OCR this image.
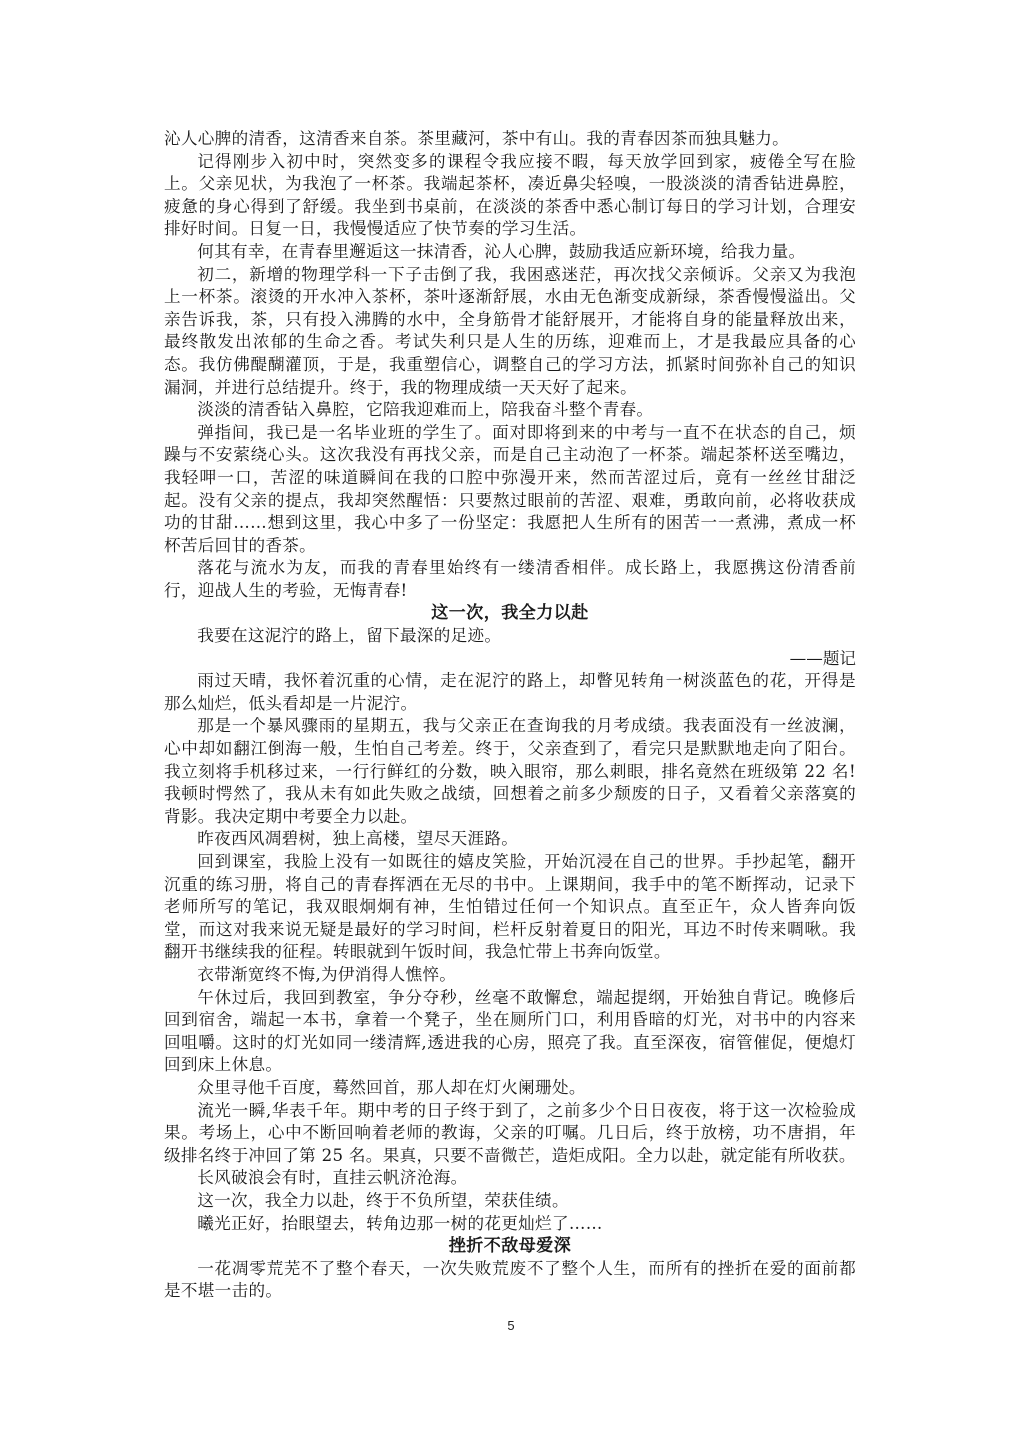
沁人心脾的清香，这清香来自茶。茶里藏河，茶中有山。我的青春因茶而独具魅力。

记得刚步入初中时，突然变多的课程令我应接不暇，每天放学回到家，疲倦全写在脸上。父亲见状，为我泡了一杯茶。我端起茶杯，凑近鼻尖轻嗅，一股淡淡的清香钻进鼻腔，疲惫的身心得到了舒缓。我坐到书桌前，在淡淡的茶香中悉心制订每日的学习计划，合理安排好时间。日复一日，我慢慢适应了快节奏的学习生活。

何其有幸，在青春里邂逅这一抹清香，沁人心脾，鼓励我适应新环境，给我力量。

初二，新增的物理学科一下子击倒了我，我困惑迷茫，再次找父亲倾诉。父亲又为我泡上一杯茶。滚烫的开水冲入茶杯，茶叶逐渐舒展，水由无色渐变成新绿，茶香慢慢溢出。父亲告诉我，茶，只有投入沸腾的水中，全身筋骨才能舒展开，才能将自身的能量释放出来，最终散发出浓郁的生命之香。考试失利只是人生的历练，迎难而上，才是我最应具备的心态。我仿佛醍醐灌顶，于是，我重塑信心，调整自己的学习方法，抓紧时间弥补自己的知识漏洞，并进行总结提升。终于，我的物理成绩一天天好了起来。

淡淡的清香钻入鼻腔，它陪我迎难而上，陪我奋斗整个青春。

弹指间，我已是一名毕业班的学生了。面对即将到来的中考与一直不在状态的自己，烦躁与不安萦绕心头。这次我没有再找父亲，而是自己主动泡了一杯茶。端起茶杯送至嘴边，我轻呷一口，苦涩的味道瞬间在我的口腔中弥漫开来，然而苦涩过后，竟有一丝丝甘甜泛起。没有父亲的提点，我却突然醒悟：只要熬过眼前的苦涩、艰难，勇敢向前，必将收获成功的甘甜……想到这里，我心中多了一份坚定：我愿把人生所有的困苦一一煮沸，煮成一杯杯苦后回甘的香茶。

落花与流水为友，而我的青春里始终有一缕清香相伴。成长路上，我愿携这份清香前行，迎战人生的考验，无悔青春!

这一次，我全力以赴

我要在这泥泞的路上，留下最深的足迹。

——题记

雨过天晴，我怀着沉重的心情，走在泥泞的路上，却瞥见转角一树淡蓝色的花，开得是那么灿烂，低头看却是一片泥泞。

那是一个暴风骤雨的星期五，我与父亲正在查询我的月考成绩。我表面没有一丝波澜，心中却如翻江倒海一般，生怕自己考差。终于，父亲查到了，看完只是默默地走向了阳台。我立刻将手机移过来，一行行鲜红的分数，映入眼帘，那么刺眼，排名竟然在班级第 22 名!我顿时愕然了，我从未有如此失败之战绩，回想着之前多少颓废的日子，又看着父亲落寞的背影。我决定期中考要全力以赴。

昨夜西风凋碧树，独上高楼，望尽天涯路。

回到课室，我脸上没有一如既往的嬉皮笑脸，开始沉浸在自己的世界。手抄起笔，翻开沉重的练习册，将自己的青春挥洒在无尽的书中。上课期间，我手中的笔不断挥动，记录下老师所写的笔记，我双眼炯炯有神，生怕错过任何一个知识点。直至正午，众人皆奔向饭堂，而这对我来说无疑是最好的学习时间，栏杆反射着夏日的阳光，耳边不时传来啁啾。我翻开书继续我的征程。转眼就到午饭时间，我急忙带上书奔向饭堂。

衣带渐宽终不悔,为伊消得人憔悴。

午休过后，我回到教室，争分夺秒，丝毫不敢懈怠，端起提纲，开始独自背记。晚修后回到宿舍，端起一本书，拿着一个凳子，坐在厕所门口，利用昏暗的灯光，对书中的内容来回咀嚼。这时的灯光如同一缕清辉,透进我的心房，照亮了我。直至深夜，宿管催促，便熄灯回到床上休息。

众里寻他千百度，蓦然回首，那人却在灯火阑珊处。

流光一瞬,华表千年。期中考的日子终于到了，之前多少个日日夜夜，将于这一次检验成果。考场上，心中不断回响着老师的教诲，父亲的叮嘱。几日后，终于放榜，功不唐捐，年级排名终于冲回了第 25 名。果真，只要不啬微芒，造炬成阳。全力以赴，就定能有所收获。

长风破浪会有时，直挂云帆济沧海。

这一次，我全力以赴，终于不负所望，荣获佳绩。

曦光正好，抬眼望去，转角边那一树的花更灿烂了……

挫折不敌母爱深

一花凋零荒芜不了整个春天，一次失败荒废不了整个人生，而所有的挫折在爱的面前都是不堪一击的。

5
